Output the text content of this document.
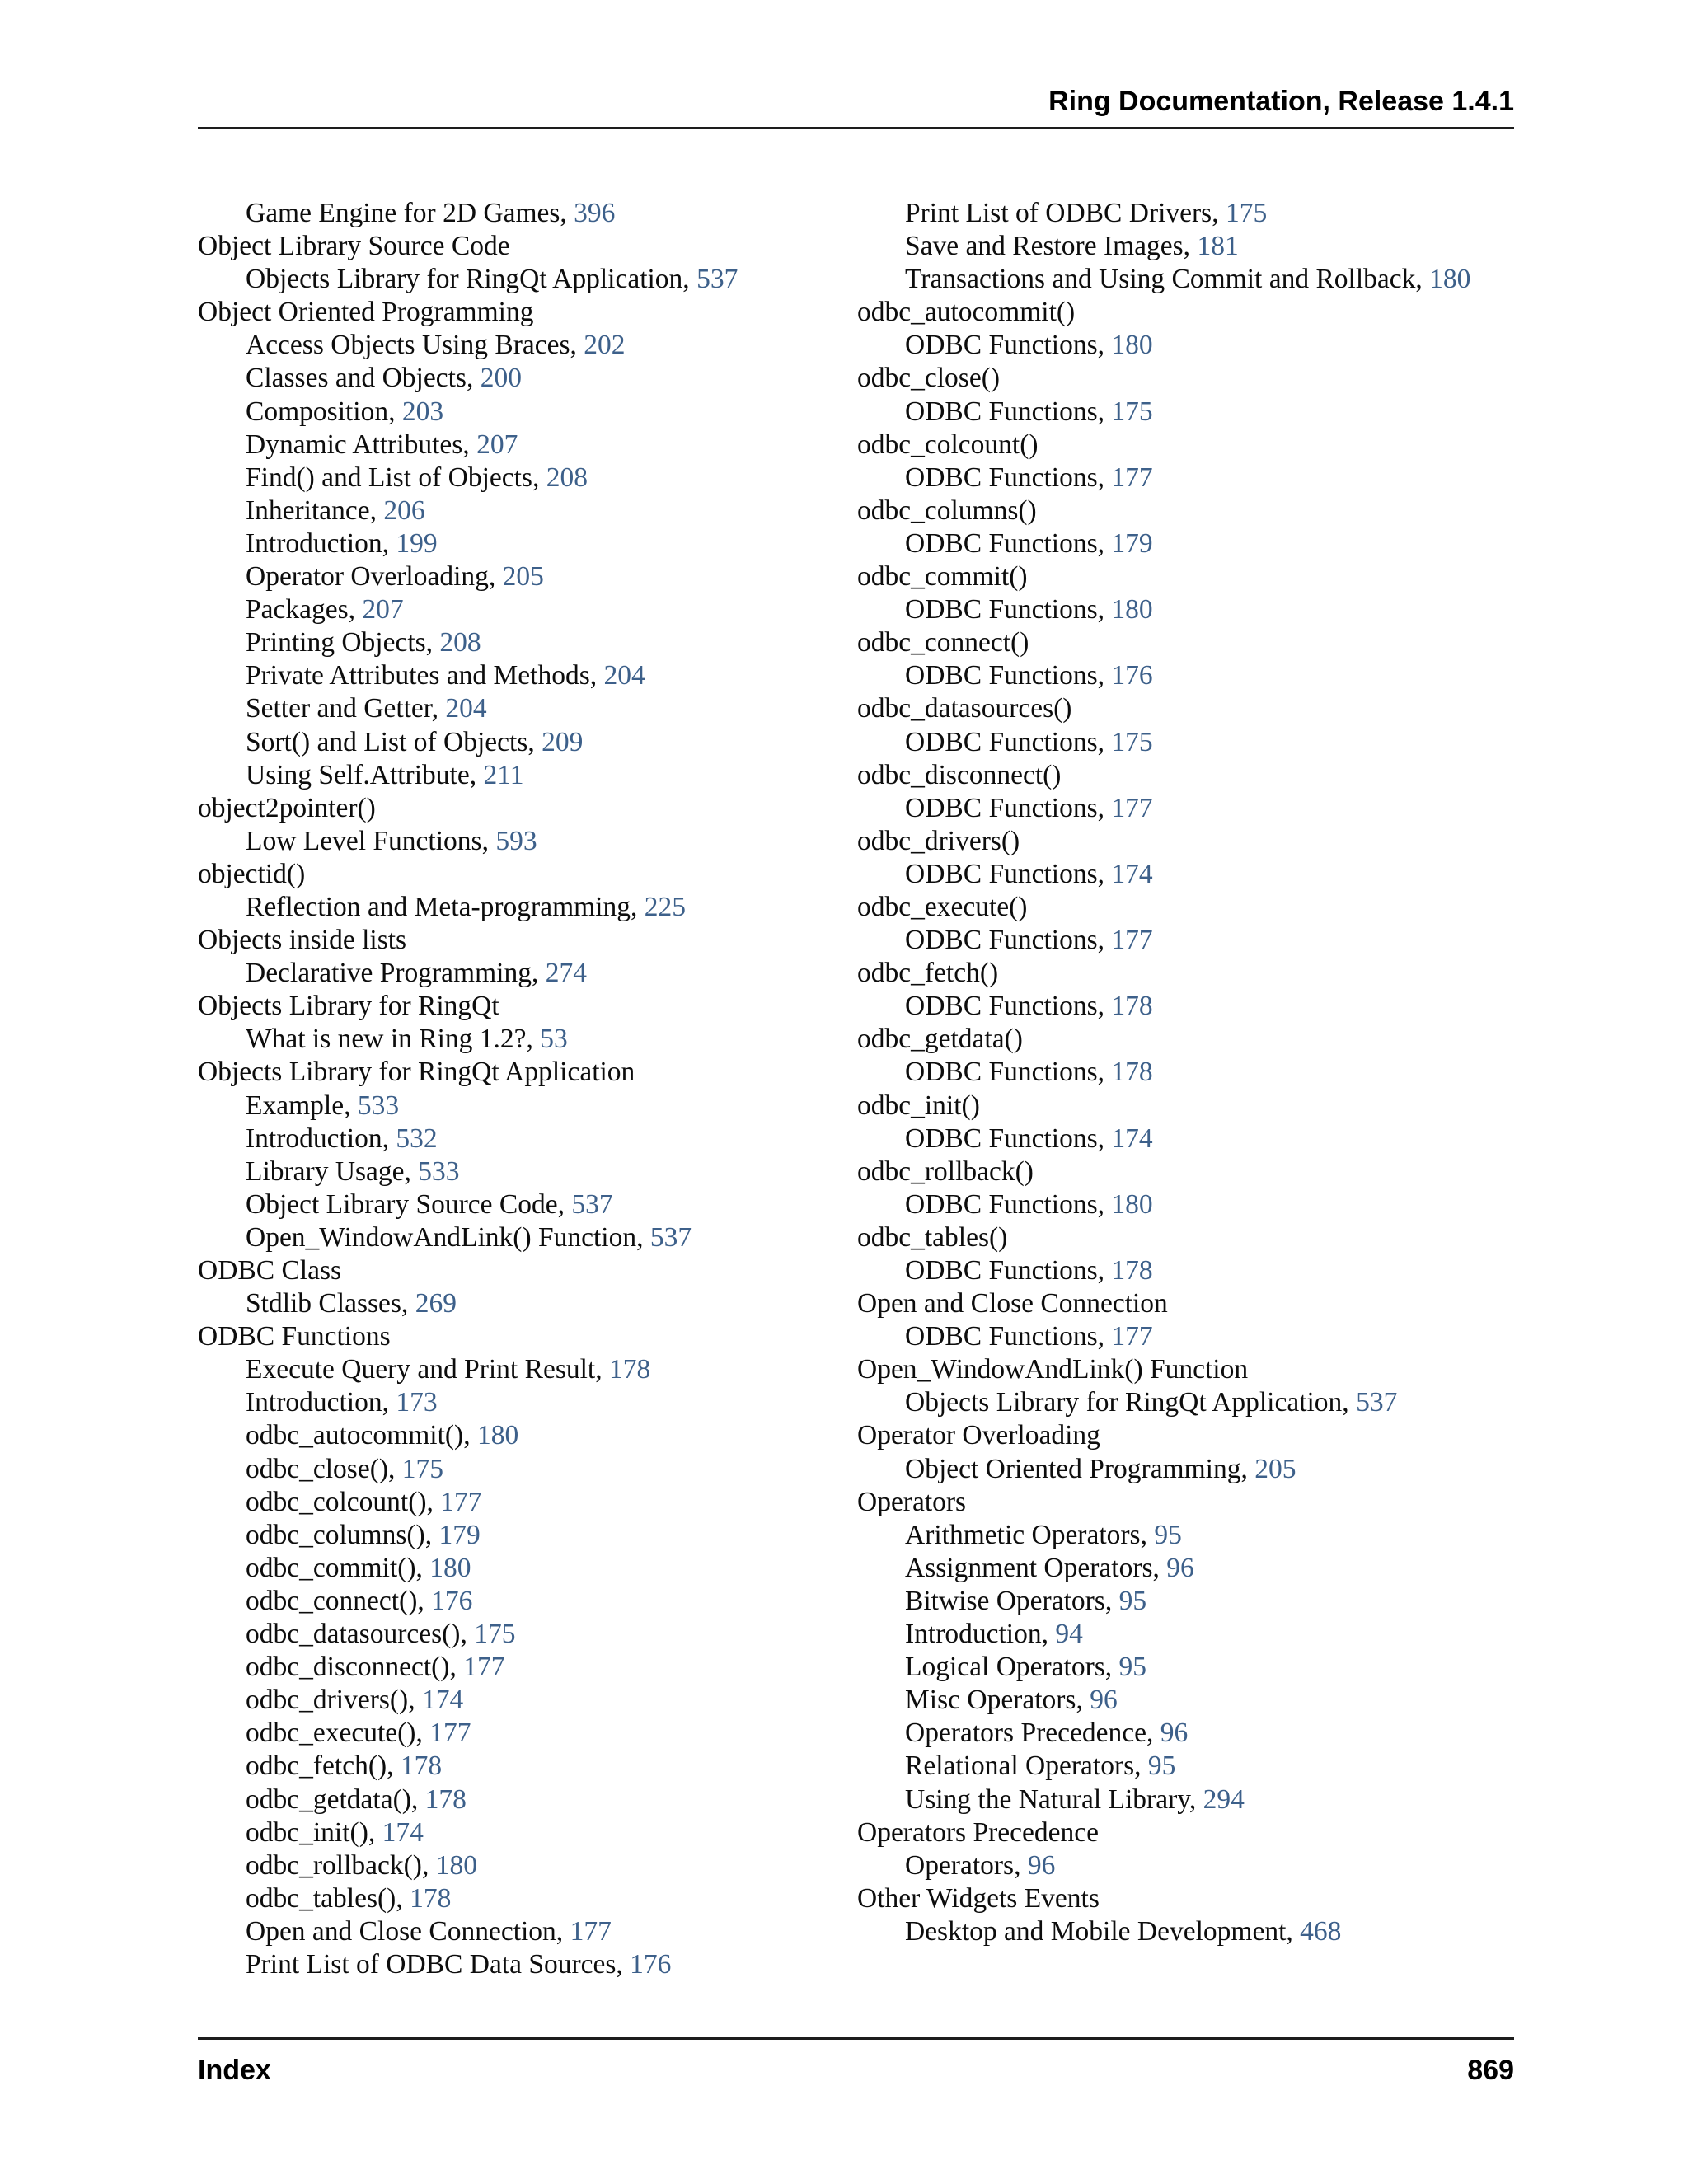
Ring Documentation, Release 1.4.1
Game Engine for 2D Games, 396
Object Library Source Code
Objects Library for RingQt Application, 537
Object Oriented Programming
Access Objects Using Braces, 202
Classes and Objects, 200
Composition, 203
Dynamic Attributes, 207
Find() and List of Objects, 208
Inheritance, 206
Introduction, 199
Operator Overloading, 205
Packages, 207
Printing Objects, 208
Private Attributes and Methods, 204
Setter and Getter, 204
Sort() and List of Objects, 209
Using Self.Attribute, 211
object2pointer()
Low Level Functions, 593
objectid()
Reflection and Meta-programming, 225
Objects inside lists
Declarative Programming, 274
Objects Library for RingQt
What is new in Ring 1.2?, 53
Objects Library for RingQt Application
Example, 533
Introduction, 532
Library Usage, 533
Object Library Source Code, 537
Open_WindowAndLink() Function, 537
ODBC Class
Stdlib Classes, 269
ODBC Functions
Execute Query and Print Result, 178
Introduction, 173
odbc_autocommit(), 180
odbc_close(), 175
odbc_colcount(), 177
odbc_columns(), 179
odbc_commit(), 180
odbc_connect(), 176
odbc_datasources(), 175
odbc_disconnect(), 177
odbc_drivers(), 174
odbc_execute(), 177
odbc_fetch(), 178
odbc_getdata(), 178
odbc_init(), 174
odbc_rollback(), 180
odbc_tables(), 178
Open and Close Connection, 177
Print List of ODBC Data Sources, 176
Print List of ODBC Drivers, 175
Save and Restore Images, 181
Transactions and Using Commit and Rollback, 180
odbc_autocommit()
ODBC Functions, 180
odbc_close()
ODBC Functions, 175
odbc_colcount()
ODBC Functions, 177
odbc_columns()
ODBC Functions, 179
odbc_commit()
ODBC Functions, 180
odbc_connect()
ODBC Functions, 176
odbc_datasources()
ODBC Functions, 175
odbc_disconnect()
ODBC Functions, 177
odbc_drivers()
ODBC Functions, 174
odbc_execute()
ODBC Functions, 177
odbc_fetch()
ODBC Functions, 178
odbc_getdata()
ODBC Functions, 178
odbc_init()
ODBC Functions, 174
odbc_rollback()
ODBC Functions, 180
odbc_tables()
ODBC Functions, 178
Open and Close Connection
ODBC Functions, 177
Open_WindowAndLink() Function
Objects Library for RingQt Application, 537
Operator Overloading
Object Oriented Programming, 205
Operators
Arithmetic Operators, 95
Assignment Operators, 96
Bitwise Operators, 95
Introduction, 94
Logical Operators, 95
Misc Operators, 96
Operators Precedence, 96
Relational Operators, 95
Using the Natural Library, 294
Operators Precedence
Operators, 96
Other Widgets Events
Desktop and Mobile Development, 468
Index	869
